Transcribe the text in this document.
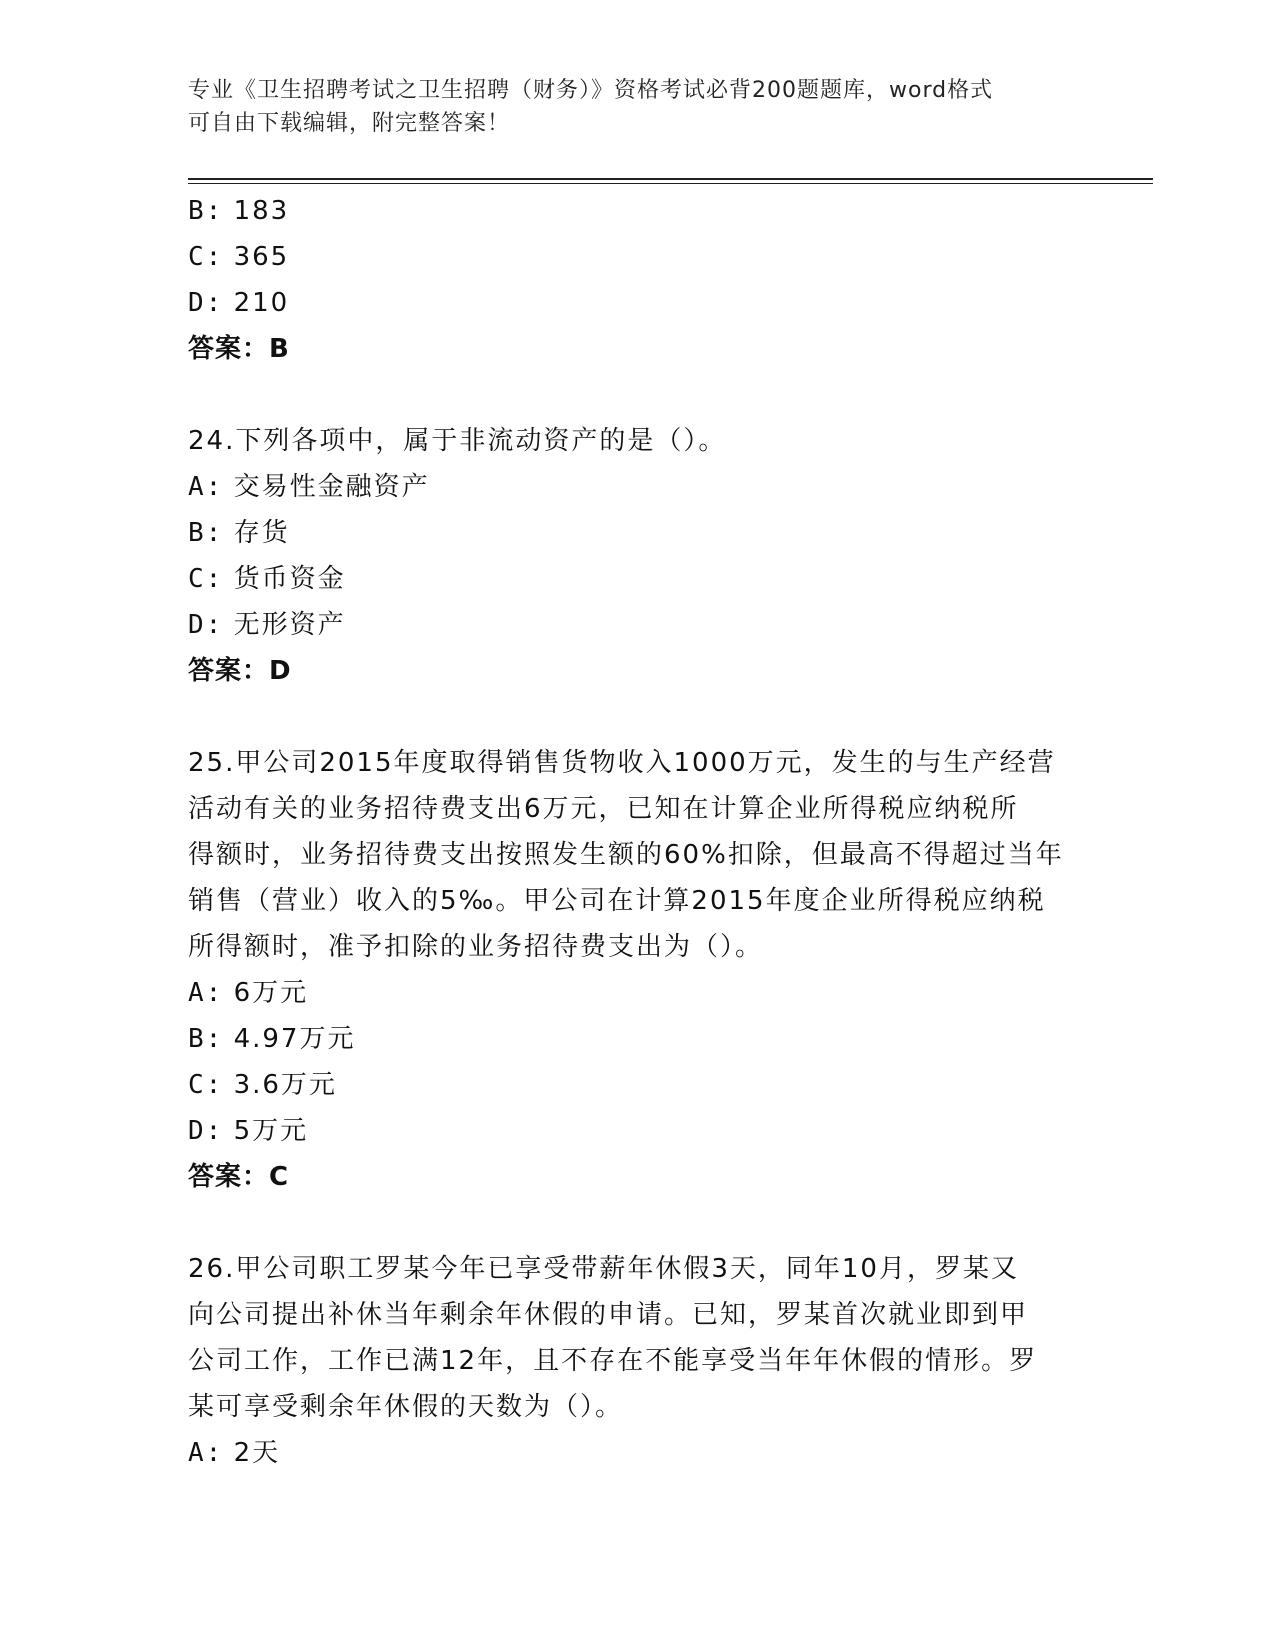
专业《卫生招聘考试之卫生招聘（财务）》资格考试必背200题题库，word格式
可自由下载编辑，附完整答案！
B: 183
C: 365
D: 210
答案：B
24.下列各项中，属于非流动资产的是（）。
A: 交易性金融资产
B: 存货
C: 货币资金
D: 无形资产
答案：D
25.甲公司2015年度取得销售货物收入1000万元，发生的与生产经营
活动有关的业务招待费支出6万元，已知在计算企业所得税应纳税所
得额时，业务招待费支出按照发生额的60%扣除，但最高不得超过当年
销售（营业）收入的5‰。甲公司在计算2015年度企业所得税应纳税
所得额时，准予扣除的业务招待费支出为（）。
A: 6万元
B: 4.97万元
C: 3.6万元
D: 5万元
答案：C
26.甲公司职工罗某今年已享受带薪年休假3天，同年10月，罗某又
向公司提出补休当年剩余年休假的申请。已知，罗某首次就业即到甲
公司工作，工作已满12年，且不存在不能享受当年年休假的情形。罗
某可享受剩余年休假的天数为（）。
A: 2天
